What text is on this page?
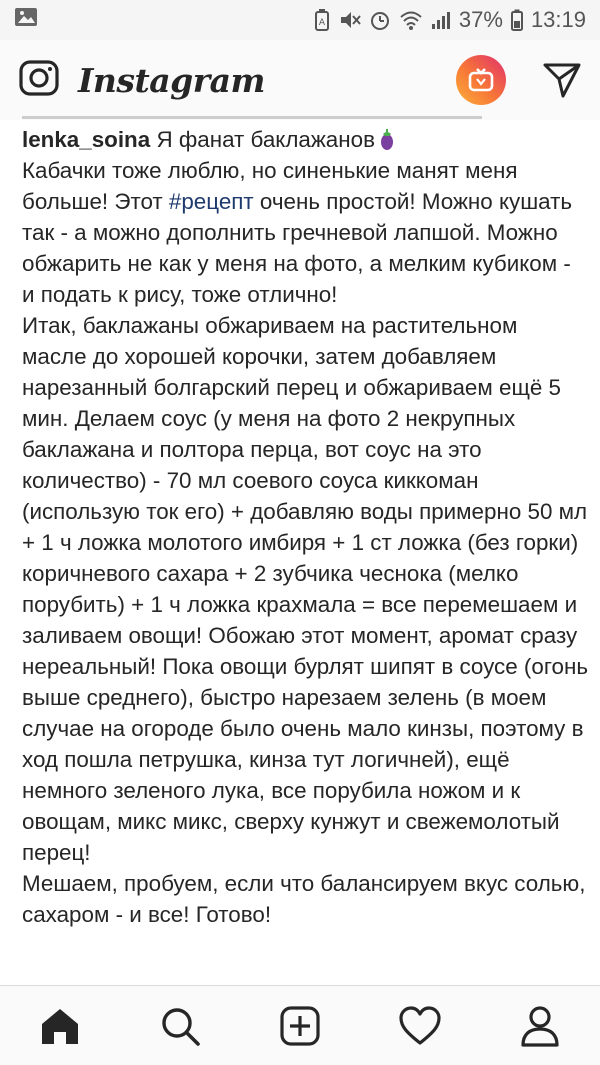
A	37% 13:19
Instagram

lenka_soina Я фанат баклажанов
Кабачки тоже люблю, но синенькие манят меня больше! Этот #рецепт очень простой! Можно кушать так - а можно дополнить гречневой лапшой. Можно обжарить не как у меня на фото, а мелким кубиком - и подать к рису, тоже отлично!

Итак, баклажаны обжариваем на растительном масле до хорошей корочки, затем добавляем нарезанный болгарский перец и обжариваем ещё 5 мин. Делаем соус (у меня на фото 2 некрупных баклажана и полтора перца, вот соус на это количество) - 70 мл соевого соуса киккоман (использую ток его) + добавляю воды примерно 50 мл + 1 ч ложка молотого имбиря + 1 ст ложка (без горки) коричневого сахара + 2 зубчика чеснока (мелко порубить) + 1 ч ложка крахмала = все перемешаем и заливаем овощи! Обожаю этот момент, аромат сразу нереальный! Пока овощи бурлят шипят в соусе (огонь выше среднего), быстро нарезаем зелень (в моем случае на огороде было очень мало кинзы, поэтому в ход пошла петрушка, кинза тут логичней), ещё немного зеленого лука, все порубила ножом и к овощам, микс микс, сверху кунжут и свежемолотый перец!

Мешаем, пробуем, если что балансируем вкус солью, сахаром - и все! Готово!
